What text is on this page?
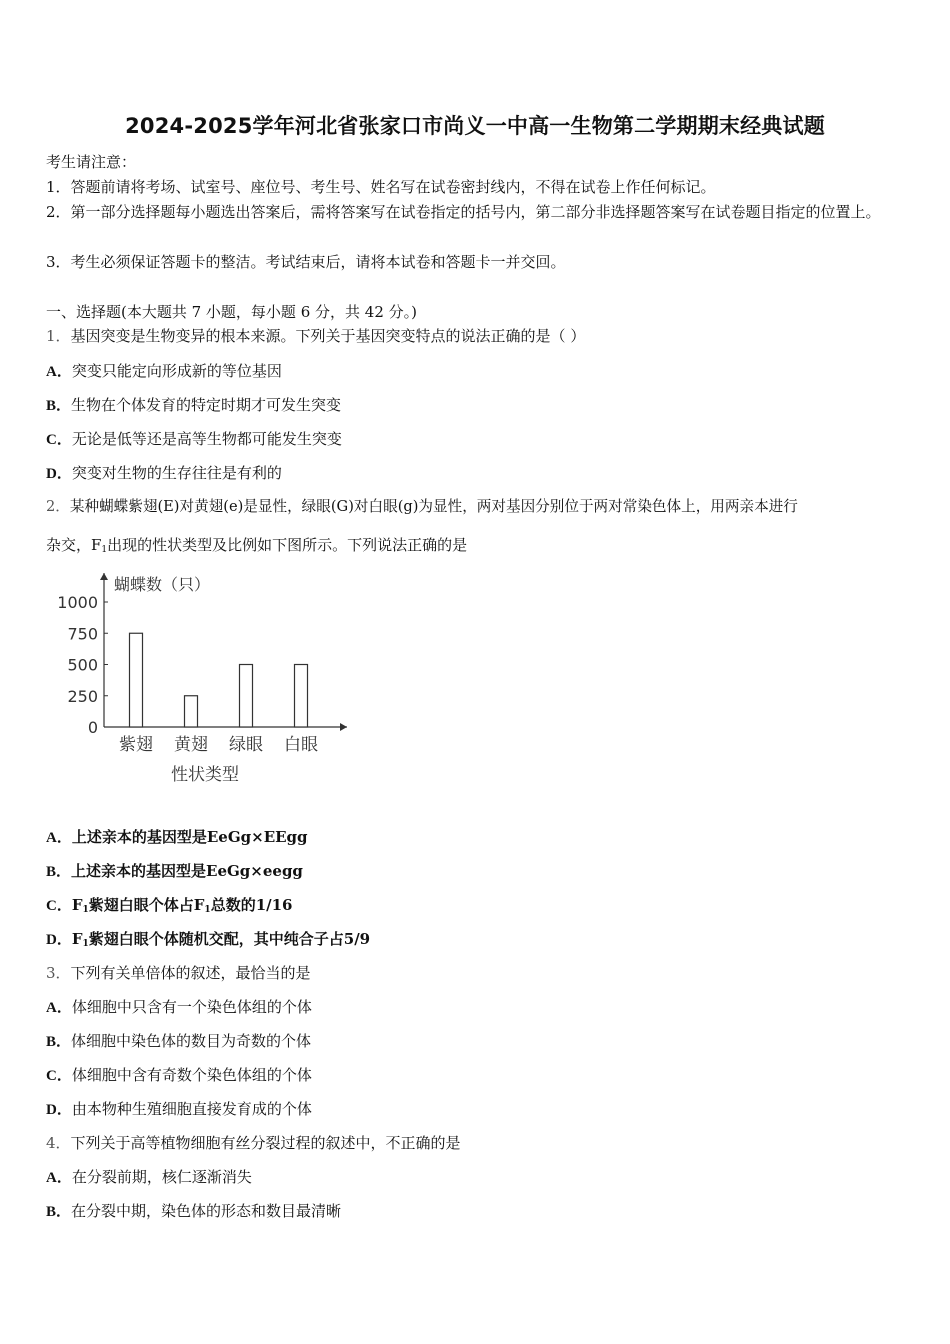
2024-2025学年河北省张家口市尚义一中高一生物第二学期期末经典试题
考生请注意：
1．答题前请将考场、试室号、座位号、考生号、姓名写在试卷密封线内，不得在试卷上作任何标记。
2．第一部分选择题每小题选出答案后，需将答案写在试卷指定的括号内，第二部分非选择题答案写在试卷题目指定的位置上。
3．考生必须保证答题卡的整洁。考试结束后，请将本试卷和答题卡一并交回。
一、选择题(本大题共 7 小题，每小题 6 分，共 42 分。)
1．基因突变是生物变异的根本来源。下列关于基因突变特点的说法正确的是（ ）
A．突变只能定向形成新的等位基因
B．生物在个体发育的特定时期才可发生突变
C．无论是低等还是高等生物都可能发生突变
D．突变对生物的生存往往是有利的
2．某种蝴蝶紫翅(E)对黄翅(e)是显性，绿眼(G)对白眼(g)为显性，两对基因分别位于两对常染色体上，用两亲本进行
杂交，$F_1$出现的性状类型及比例如下图所示。下列说法正确的是
0
250
500
750
1000
蝴蝶数（只）
紫翅 黄翅 绿眼 白眼
性状类型
A．上述亲本的基因型是EeGg×EEgg
B．上述亲本的基因型是EeGg×eegg
C．$F_1$紫翅白眼个体占$F_1$总数的1/16
D．$F_1$紫翅白眼个体随机交配，其中纯合子占5/9
3．下列有关单倍体的叙述，最恰当的是
A．体细胞中只含有一个染色体组的个体
B．体细胞中染色体的数目为奇数的个体
C．体细胞中含有奇数个染色体组的个体
D．由本物种生殖细胞直接发育成的个体
4．下列关于高等植物细胞有丝分裂过程的叙述中，不正确的是
A．在分裂前期，核仁逐渐消失
B．在分裂中期，染色体的形态和数目最清晰
